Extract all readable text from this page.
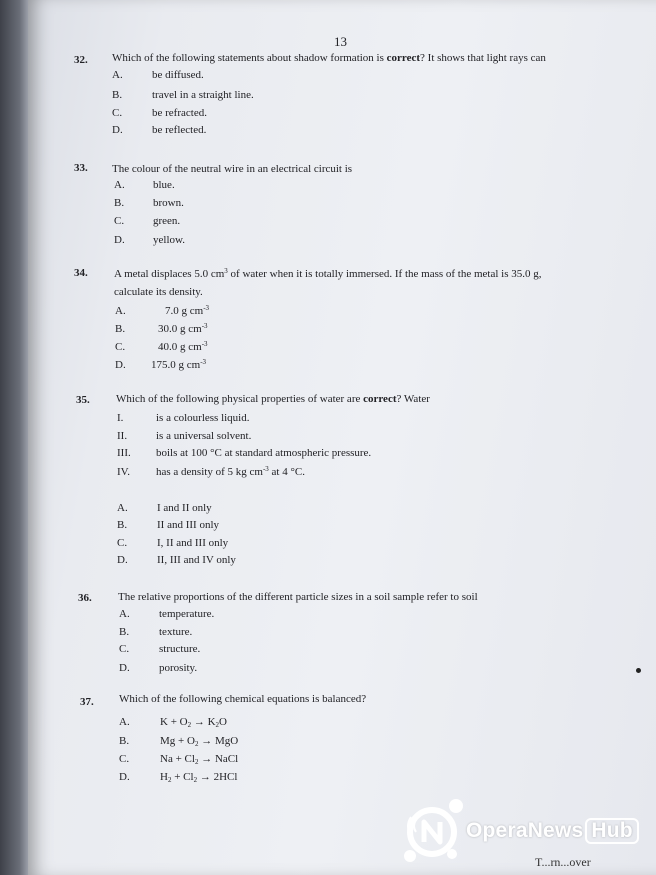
13
32. Which of the following statements about shadow formation is correct? It shows that light rays can
A.	be diffused.
B.	travel in a straight line.
C.	be refracted.
D.	be reflected.
33. The colour of the neutral wire in an electrical circuit is
A.	blue.
B.	brown.
C.	green.
D.	yellow.
34. A metal displaces 5.0 $cm^3$ of water when it is totally immersed. If the mass of the metal is 35.0 g,
calculate its density.
A.	7.0 g $cm^{-3}$
B.	30.0 g $cm^{-3}$
C.	40.0 g $cm^{-3}$
D. 175.0 g $cm^{-3}$
35. Which of the following physical properties of water are correct? Water
I.	is a colourless liquid.
II.	is a universal solvent.
III. boils at 100 °C at standard atmospheric pressure.
IV. has a density of 5 kg $cm^{-3}$ at 4 °C.
A.	I and II only
B.	II and III only
C.	I, II and III only
D.	II, III and IV only
36. The relative proportions of the different particle sizes in a soil sample refer to soil
A.	temperature.
B.	texture.
C.	structure.
D.	porosity.
37. Which of the following chemical equations is balanced?
A.	$K + O_2 \to K_2O$
B.	$Mg + O_2$ → MgO
C.	$Na + Cl_2$ → NaCl
D.	$H_2 + Cl_2 \to 2HCl$
OperaNews Hub
T...rn...over
